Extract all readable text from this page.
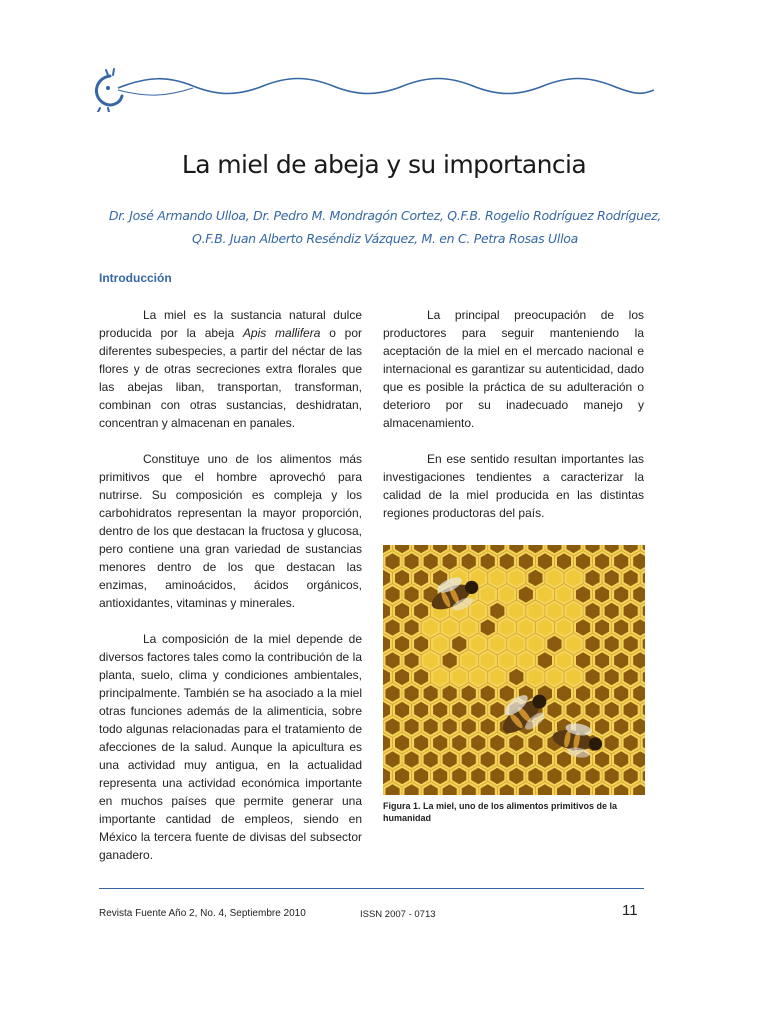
La miel de abeja y su importancia
Dr. José Armando Ulloa, Dr. Pedro M. Mondragón Cortez, Q.F.B. Rogelio Rodríguez Rodríguez,
Q.F.B. Juan Alberto Reséndiz Vázquez, M. en C. Petra Rosas Ulloa
Introducción

La miel es la sustancia natural dulce producida por la abeja Apis mallifera o por diferentes subespecies, a partir del néctar de las flores y de otras secreciones extra florales que las abejas liban, transportan, transforman, combinan con otras sustancias, deshidratan, concentran y almacenan en panales.

Constituye uno de los alimentos más primitivos que el hombre aprovechó para nutrirse. Su composición es compleja y los carbohidratos representan la mayor proporción, dentro de los que destacan la fructosa y glucosa, pero contiene una gran variedad de sustancias menores dentro de los que destacan las enzimas, aminoácidos, ácidos orgánicos, antioxidantes, vitaminas y minerales.

La composición de la miel depende de diversos factores tales como la contribución de la planta, suelo, clima y condiciones ambientales, principalmente. También se ha asociado a la miel otras funciones además de la alimenticia, sobre todo algunas relacionadas para el tratamiento de afecciones de la salud. Aunque la apicultura es una actividad muy antigua, en la actualidad representa una actividad económica importante en muchos países que permite generar una importante cantidad de empleos, siendo en México la tercera fuente de divisas del subsector ganadero.

La principal preocupación de los productores para seguir manteniendo la aceptación de la miel en el mercado nacional e internacional es garantizar su autenticidad, dado que es posible la práctica de su adulteración o deterioro por su inadecuado manejo y almacenamiento.

En ese sentido resultan importantes las investigaciones tendientes a caracterizar la calidad de la miel producida en las distintas regiones productoras del país.

Figura 1. La miel, uno de los alimentos primitivos de la humanidad
Revista Fuente Año 2, No. 4, Septiembre 2010	ISSN 2007 - 0713	11
